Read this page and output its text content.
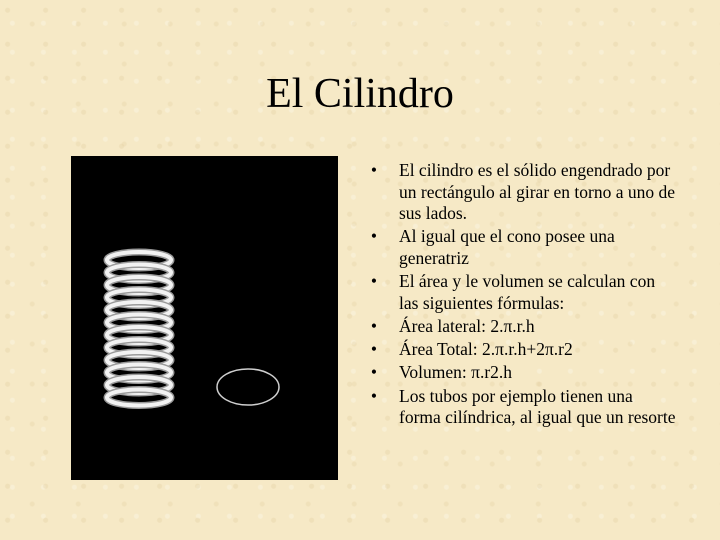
El Cilindro
• El cilindro es el sólido engendrado por un rectángulo al girar en torno a uno de sus lados.
• Al igual que el cono posee una generatriz
• El área y le volumen se calculan con las siguientes fórmulas:
• Área lateral: 2.π.r.h
• Área Total: 2.π.r.h+2π.r2
• Volumen: π.r2.h
• Los tubos por ejemplo tienen una forma cilíndrica, al igual que un resorte
